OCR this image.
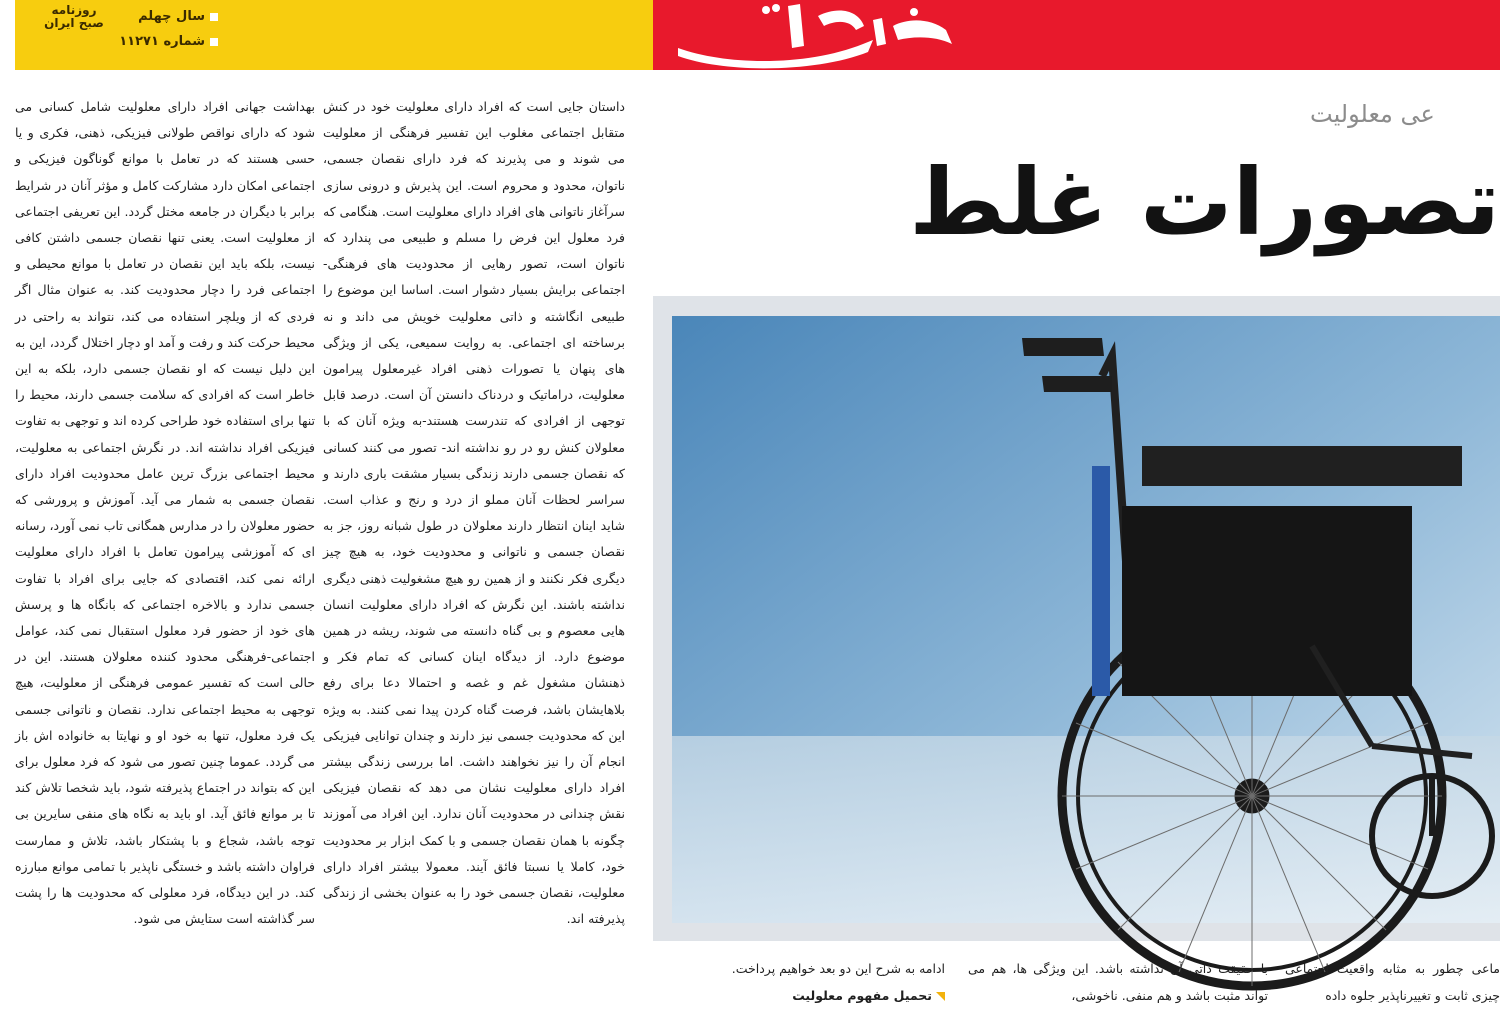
روزنامه صبح ایران	سال چهلم
شماره ۱۱۲۷۱
عی معلولیت
تصورات غلط
داستان جایی است که افراد دارای معلولیت خود در کنش متقابل اجتماعی مغلوب این تفسیر فرهنگی از معلولیت می شوند و می پذیرند که فرد دارای نقصان جسمی، ناتوان، محدود و محروم است. این پذیرش و درونی سازی سرآغاز ناتوانی های افراد دارای معلولیت است. هنگامی که فرد معلول این فرض را مسلم و طبیعی می پندارد که ناتوان است، تصور رهایی از محدودیت های فرهنگی-اجتماعی برایش بسیار دشوار است. اساسا این موضوع را طبیعی انگاشته و ذاتی معلولیت خویش می داند و نه برساخته ای اجتماعی. به روایت سمیعی، یکی از ویژگی های پنهان یا تصورات ذهنی افراد غیرمعلول پیرامون معلولیت، دراماتیک و دردناک دانستن آن است. درصد قابل توجهی از افرادی که تندرست هستند-به ویژه آنان که با معلولان کنش رو در رو نداشته اند- تصور می کنند کسانی که نقصان جسمی دارند زندگی بسیار مشقت باری دارند و سراسر لحظات آنان مملو از درد و رنج و عذاب است. شاید اینان انتظار دارند معلولان در طول شبانه روز، جز به نقصان جسمی و ناتوانی و محدودیت خود، به هیچ چیز دیگری فکر نکنند و از همین رو هیچ مشغولیت ذهنی دیگری نداشته باشند. این نگرش که افراد دارای معلولیت انسان هایی معصوم و بی گناه دانسته می شوند، ریشه در همین موضوع دارد. از دیدگاه اینان کسانی که تمام فکر و ذهنشان مشغول غم و غصه و احتمالا دعا برای رفع بلاهایشان باشد، فرصت گناه کردن پیدا نمی کنند. به ویژه این که محدودیت جسمی نیز دارند و چندان توانایی فیزیکی انجام آن را نیز نخواهند داشت. اما بررسی زندگی بیشتر افراد دارای معلولیت نشان می دهد که نقصان فیزیکی نقش چندانی در محدودیت آنان ندارد. این افراد می آموزند چگونه با همان نقصان جسمی و با کمک ابزار بر محدودیت خود، کاملا یا نسبتا فائق آیند. معمولا بیشتر افراد دارای معلولیت، نقصان جسمی خود را به عنوان بخشی از زندگی پذیرفته اند.
بهداشت جهانی افراد دارای معلولیت شامل کسانی می شود که دارای نواقص طولانی فیزیکی، ذهنی، فکری و یا حسی هستند که در تعامل با موانع گوناگون فیزیکی و اجتماعی امکان دارد مشارکت کامل و مؤثر آنان در شرایط برابر با دیگران در جامعه مختل گردد. این تعریفی اجتماعی از معلولیت است. یعنی تنها نقصان جسمی داشتن کافی نیست، بلکه باید این نقصان در تعامل با موانع محیطی و اجتماعی فرد را دچار محدودیت کند. به عنوان مثال اگر فردی که از ویلچر استفاده می کند، نتواند به راحتی در محیط حرکت کند و رفت و آمد او دچار اختلال گردد، این به این دلیل نیست که او نقصان جسمی دارد، بلکه به این خاطر است که افرادی که سلامت جسمی دارند، محیط را تنها برای استفاده خود طراحی کرده اند و توجهی به تفاوت فیزیکی افراد نداشته اند. در نگرش اجتماعی به معلولیت، محیط اجتماعی بزرگ ترین عامل محدودیت افراد دارای نقصان جسمی به شمار می آید. آموزش و پرورشی که حضور معلولان را در مدارس همگانی تاب نمی آورد، رسانه ای که آموزشی پیرامون تعامل با افراد دارای معلولیت ارائه نمی کند، اقتصادی که جایی برای افراد با تفاوت جسمی ندارد و بالاخره اجتماعی که بانگاه ها و پرسش های خود از حضور فرد معلول استقبال نمی کند، عوامل اجتماعی-فرهنگی محدود کننده معلولان هستند. این در حالی است که تفسیر عمومی فرهنگی از معلولیت، هیچ توجهی به محیط اجتماعی ندارد. نقصان و ناتوانی جسمی یک فرد معلول، تنها به خود او و نهایتا به خانواده اش باز می گردد. عموما چنین تصور می شود که فرد معلول برای این که بتواند در اجتماع پذیرفته شود، باید شخصا تلاش کند تا بر موانع فائق آید. او باید به نگاه های منفی سایرین بی توجه باشد، شجاع و با پشتکار باشد، تلاش و ممارست فراوان داشته باشد و خستگی ناپذیر با تمامی موانع مبارزه کند. در این دیدگاه، فرد معلولی که محدودیت ها را پشت سر گذاشته است ستایش می شود.
ماعی چطور به مثابه واقعیت اجتماعی چیزی ثابت و تغییرناپذیر جلوه داده
با حقیقت ذاتی آن نداشته باشد. این ویژگی ها، هم می تواند مثبت باشد و هم منفی. ناخوشی،
ادامه به شرح این دو بعد خواهیم پرداخت.
تحمیل مفهوم معلولیت
